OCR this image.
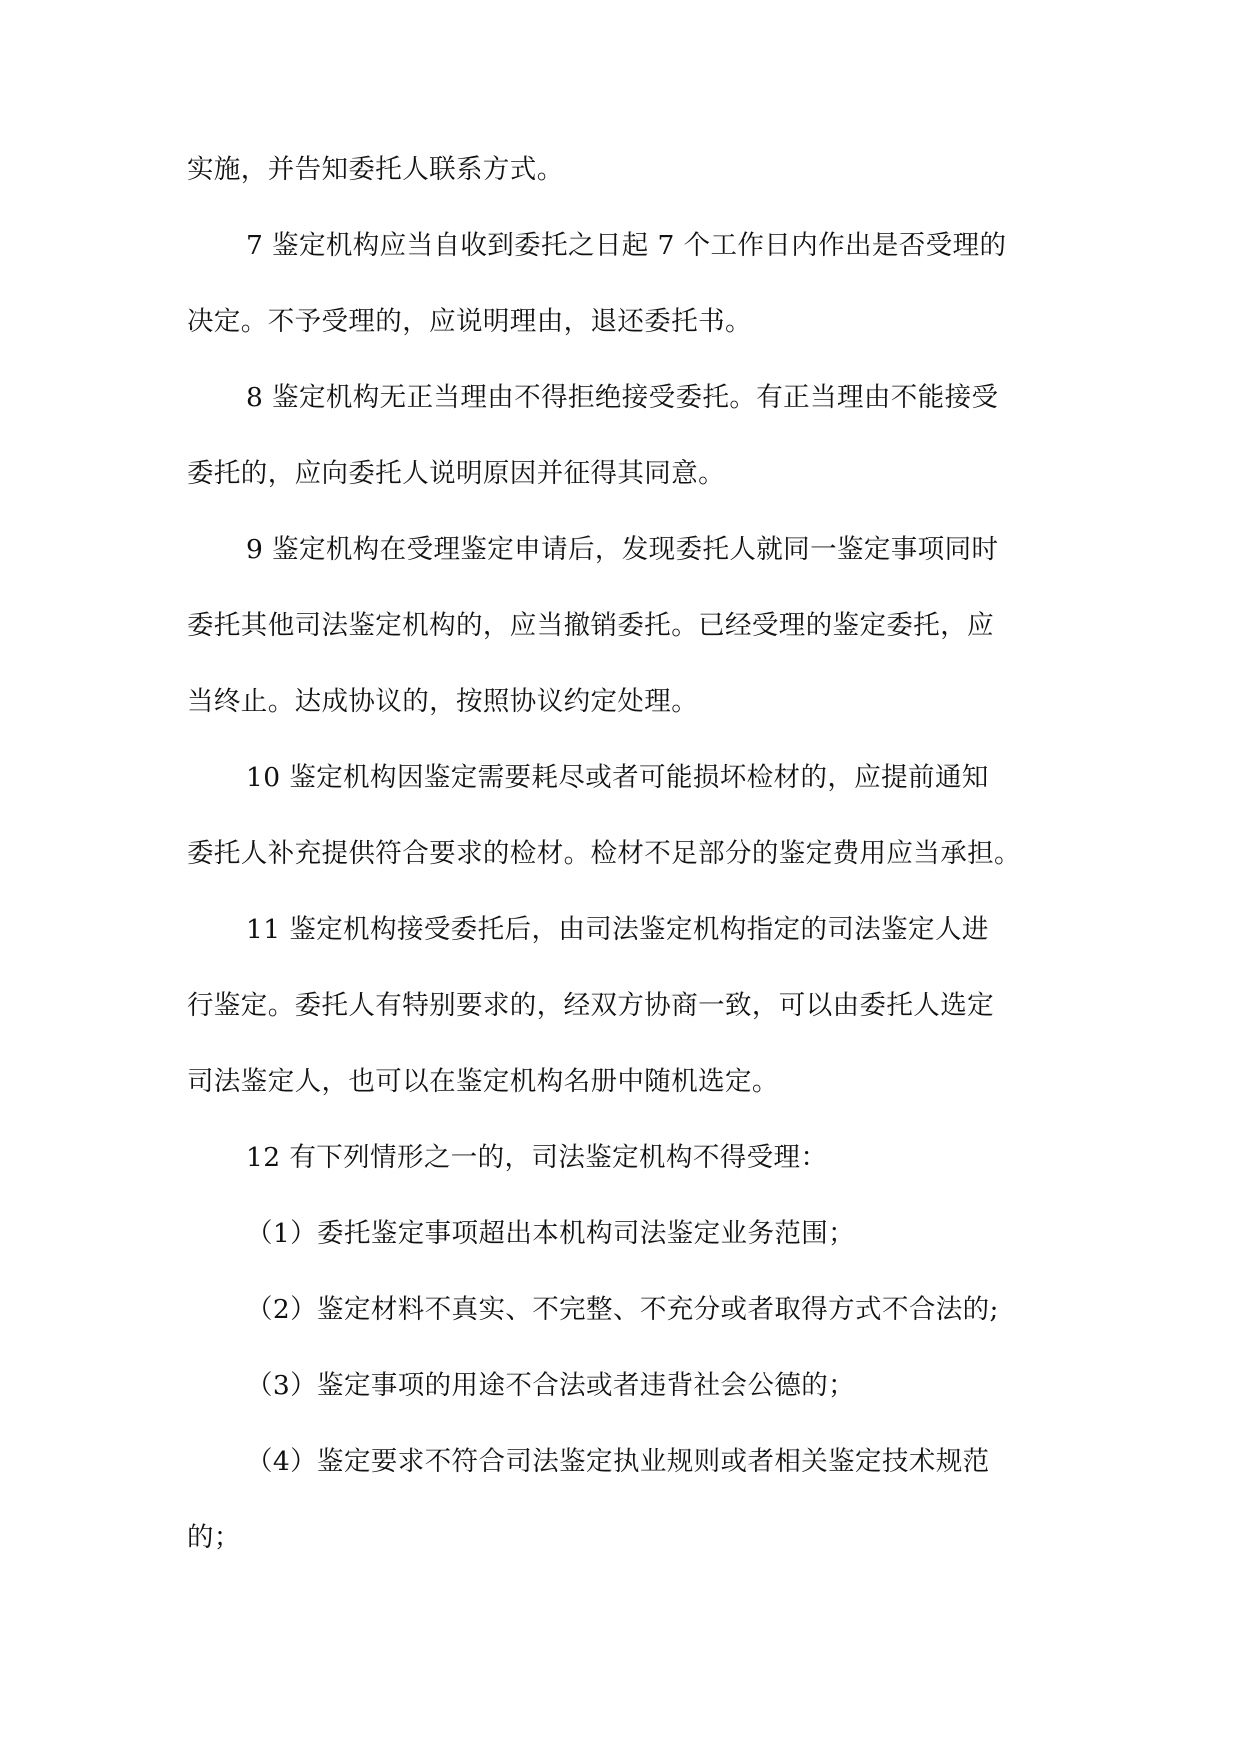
实施，并告知委托人联系方式。
7 鉴定机构应当自收到委托之日起 7 个工作日内作出是否受理的
决定。不予受理的，应说明理由，退还委托书。
8 鉴定机构无正当理由不得拒绝接受委托。有正当理由不能接受
委托的，应向委托人说明原因并征得其同意。
9 鉴定机构在受理鉴定申请后，发现委托人就同一鉴定事项同时
委托其他司法鉴定机构的，应当撤销委托。已经受理的鉴定委托，应
当终止。达成协议的，按照协议约定处理。
10 鉴定机构因鉴定需要耗尽或者可能损坏检材的，应提前通知
委托人补充提供符合要求的检材。检材不足部分的鉴定费用应当承担。
11 鉴定机构接受委托后，由司法鉴定机构指定的司法鉴定人进
行鉴定。委托人有特别要求的，经双方协商一致，可以由委托人选定
司法鉴定人，也可以在鉴定机构名册中随机选定。
12 有下列情形之一的，司法鉴定机构不得受理：
（1）委托鉴定事项超出本机构司法鉴定业务范围；
（2）鉴定材料不真实、不完整、不充分或者取得方式不合法的;
（3）鉴定事项的用途不合法或者违背社会公德的；
（4）鉴定要求不符合司法鉴定执业规则或者相关鉴定技术规范
的；
